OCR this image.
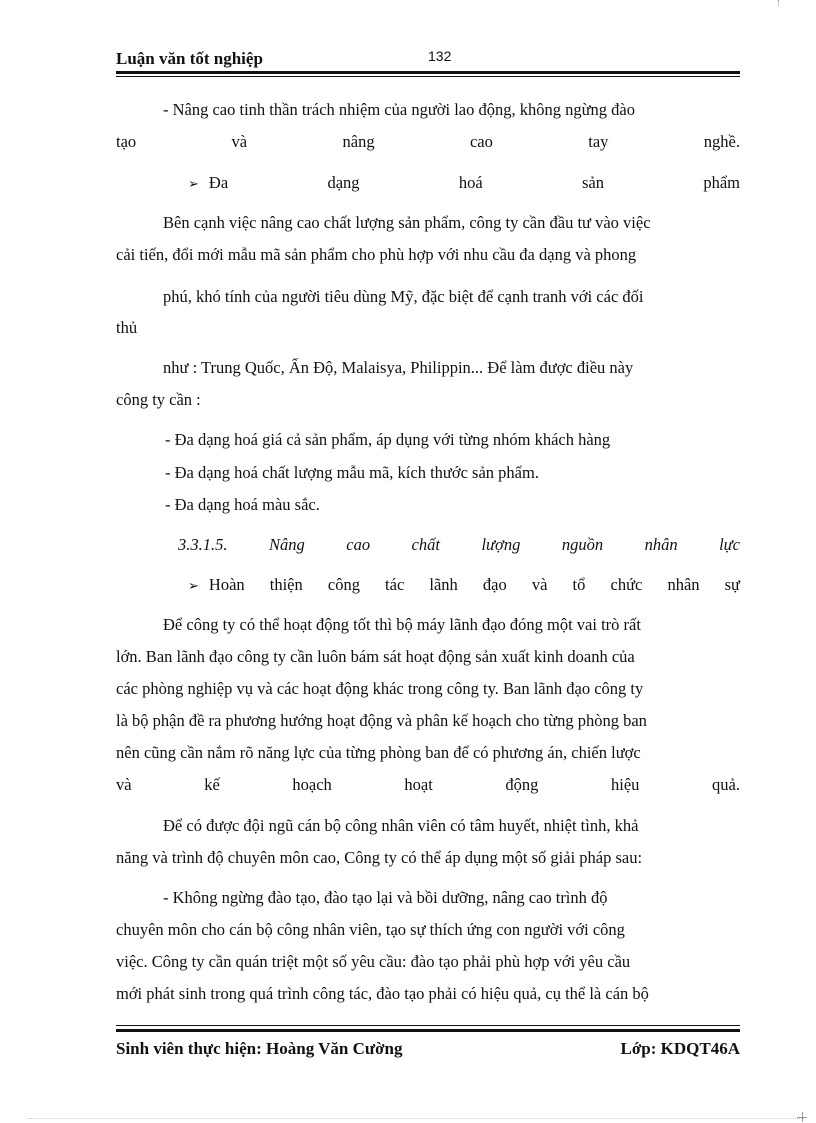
Luận văn tốt nghiệp	132
- Nâng cao tinh thần trách nhiệm của người lao động, không ngừng đào
tạo và nâng cao tay nghề.
➢ Đa dạng hoá sản phẩm
Bên cạnh việc nâng cao chất lượng sản phẩm, công ty cần đầu tư vào việc
cải tiến, đổi mới mẫu mã sản phẩm cho phù hợp với nhu cầu đa dạng và phong
phú, khó tính của người tiêu dùng Mỹ, đặc biệt để cạnh tranh với các đối
thủ
như : Trung Quốc, Ấn Độ, Malaisya, Philippin... Để làm được điều này
công ty cần :
- Đa dạng hoá giá cả sản phẩm, áp dụng với từng nhóm khách hàng
- Đa dạng hoá chất lượng mẫu mã, kích thước sản phẩm.
- Đa dạng hoá màu sắc.
3.3.1.5. Nâng cao chất lượng nguồn nhân lực
➢ Hoàn thiện công tác lãnh đạo và tổ chức nhân sự
Để công ty có thể hoạt động tốt thì bộ máy lãnh đạo đóng một vai trò rất
lớn. Ban lãnh đạo công ty cần luôn bám sát hoạt động sản xuất kinh doanh của
các phòng nghiệp vụ và các hoạt động khác trong công ty. Ban lãnh đạo công ty
là bộ phận đề ra phương hướng hoạt động và phân kế hoạch cho từng phòng ban
nên cũng cần nắm rõ năng lực của từng phòng ban để có phương án, chiến lược
và kế hoạch hoạt động hiệu quả.
Để có được đội ngũ cán bộ công nhân viên có tâm huyết, nhiệt tình, khả
năng và trình độ chuyên môn cao, Công ty có thể áp dụng một số giải pháp sau:
- Không ngừng đào tạo, đào tạo lại và bồi dưỡng, nâng cao trình độ
chuyên môn cho cán bộ công nhân viên, tạo sự thích ứng con người với công
việc. Công ty cần quán triệt một số yêu cầu: đào tạo phải phù hợp với yêu cầu
mới phát sinh trong quá trình công tác, đào tạo phải có hiệu quả, cụ thể là cán bộ
Sinh viên thực hiện: Hoàng Văn Cường	Lớp: KDQT46A
